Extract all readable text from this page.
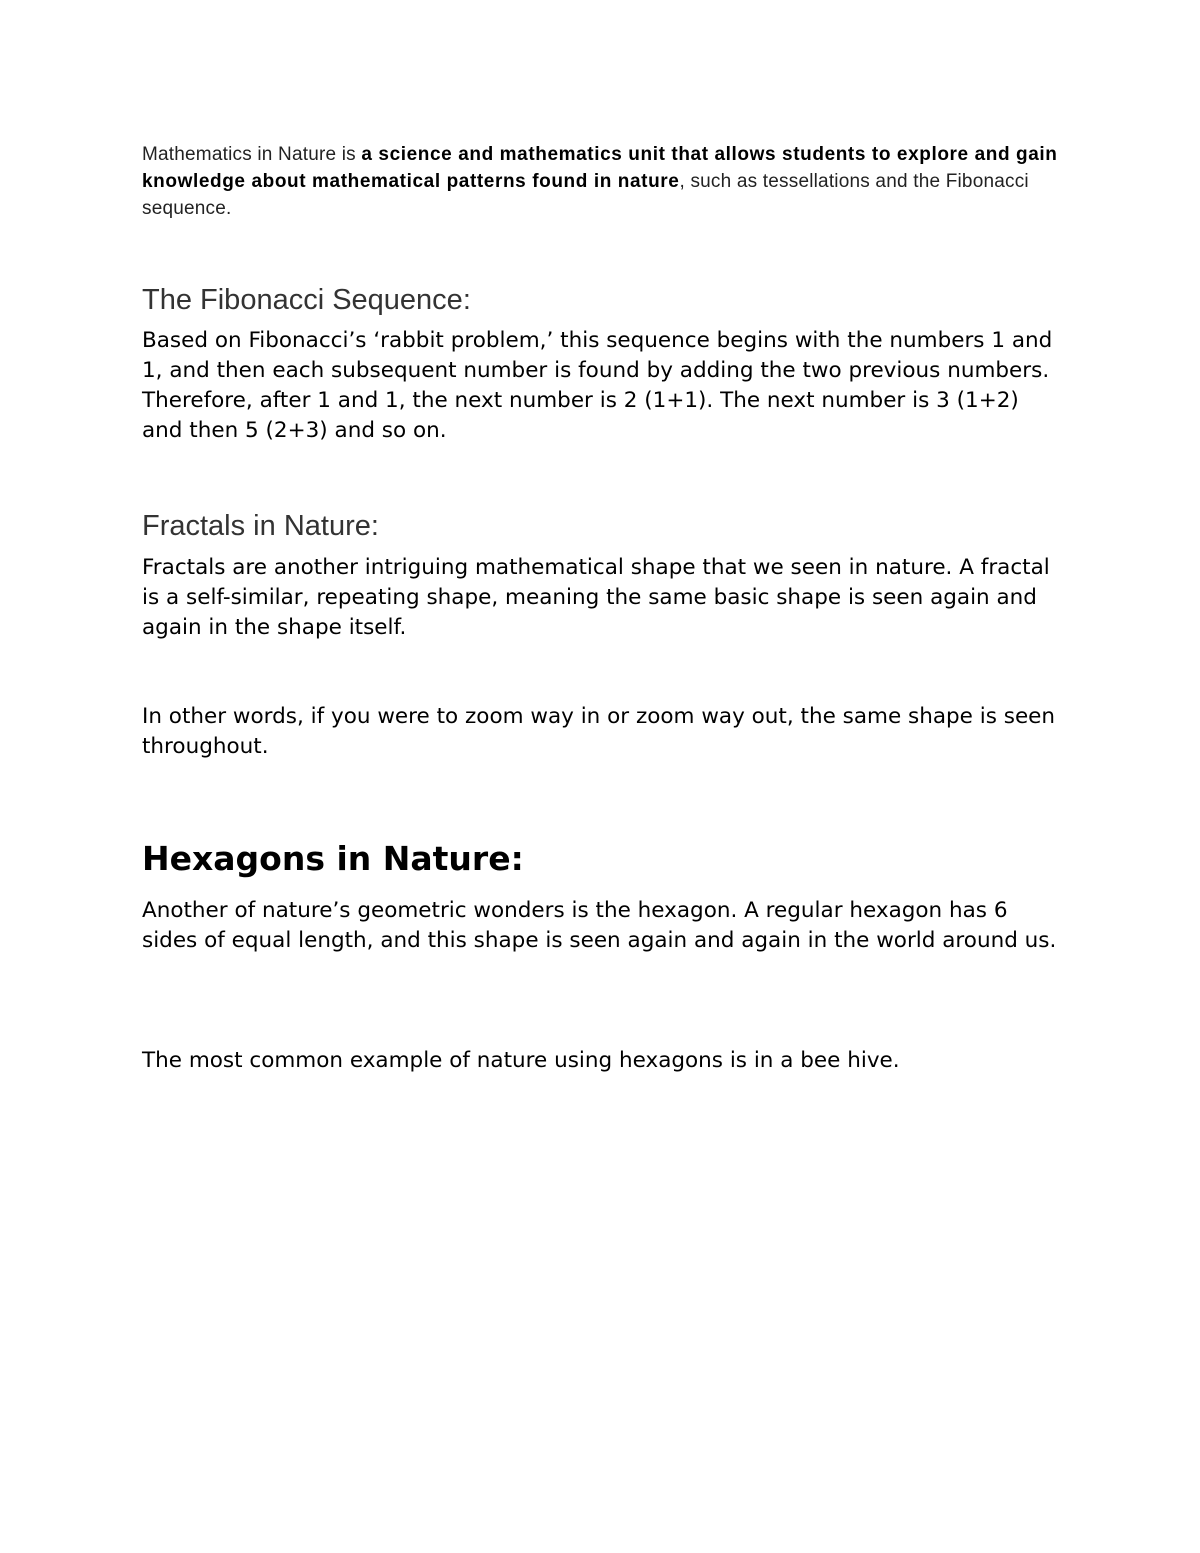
Mathematics in Nature is a science and mathematics unit that allows students to explore and gain knowledge about mathematical patterns found in nature, such as tessellations and the Fibonacci sequence.
The Fibonacci Sequence:

Based on Fibonacci’s ‘rabbit problem,’ this sequence begins with the numbers 1 and 1, and then each subsequent number is found by adding the two previous numbers. Therefore, after 1 and 1, the next number is 2 (1+1). The next number is 3 (1+2) and then 5 (2+3) and so on.

Fractals in Nature:

Fractals are another intriguing mathematical shape that we seen in nature. A fractal is a self-similar, repeating shape, meaning the same basic shape is seen again and again in the shape itself.

In other words, if you were to zoom way in or zoom way out, the same shape is seen throughout.

Hexagons in Nature:

Another of nature’s geometric wonders is the hexagon. A regular hexagon has 6 sides of equal length, and this shape is seen again and again in the world around us.

The most common example of nature using hexagons is in a bee hive.
